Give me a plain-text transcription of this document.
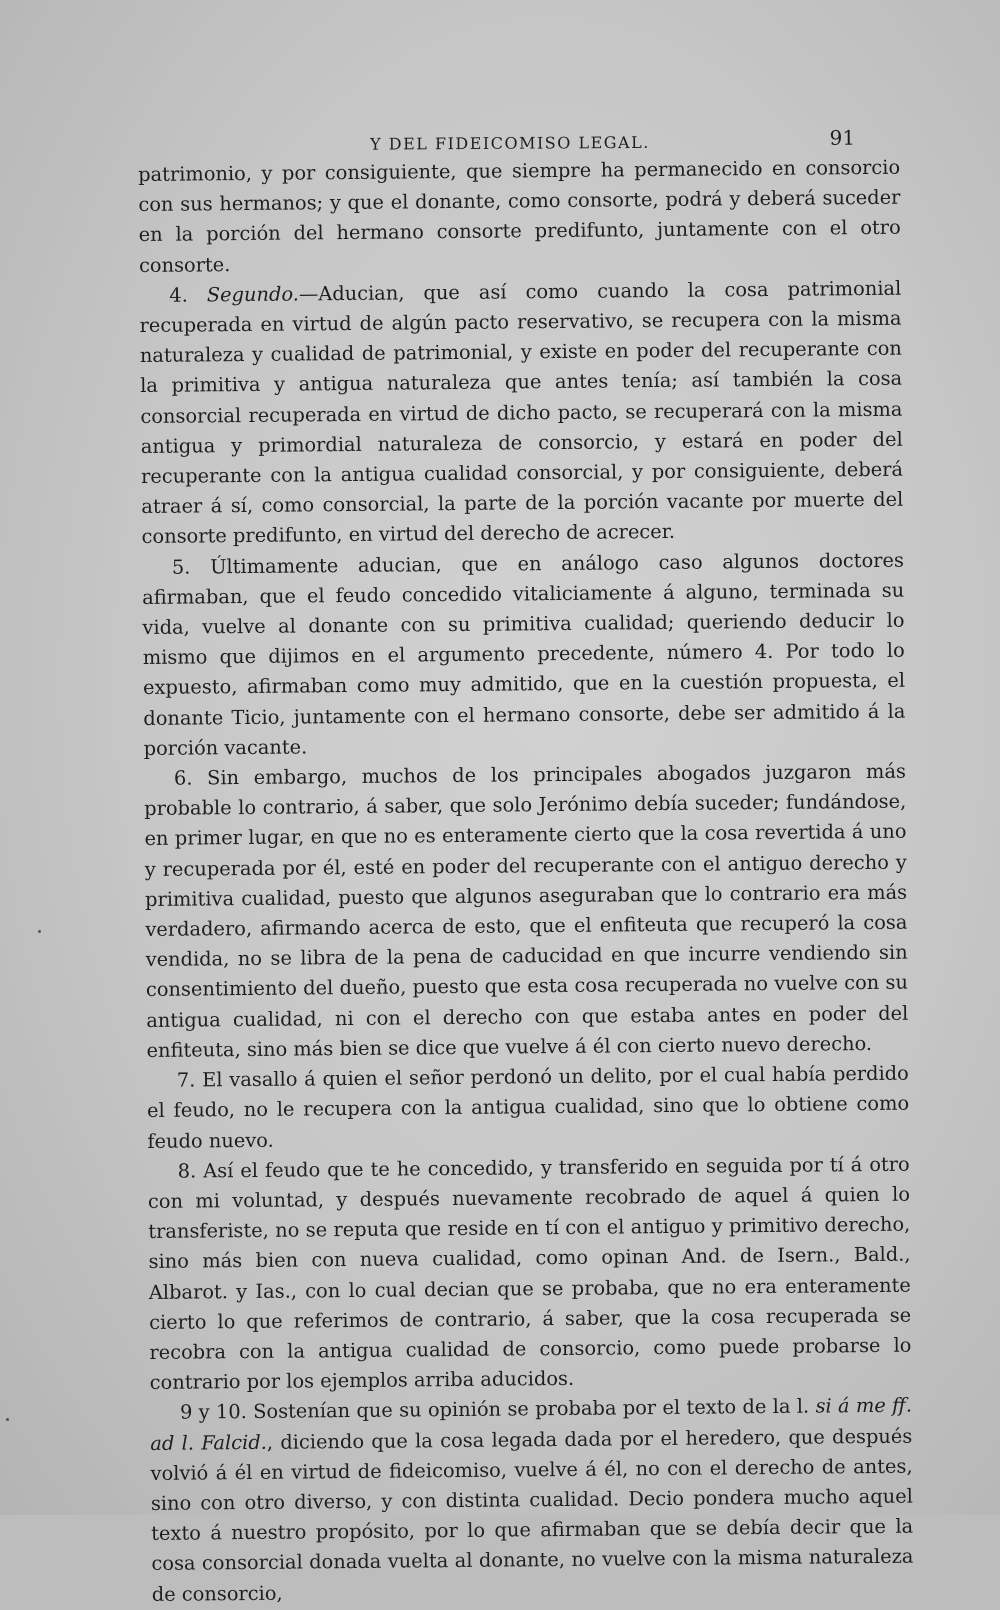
Y DEL FIDEICOMISO LEGAL.	91

patrimonio, y por consiguiente, que siempre ha permanecido en consorcio con sus hermanos; y que el donante, como consorte, podrá y deberá suceder en la porción del hermano consorte predifunto, juntamente con el otro consorte.

4. Segundo.—Aducian, que así como cuando la cosa patrimonial recuperada en virtud de algún pacto reservativo, se recupera con la misma naturaleza y cualidad de patrimonial, y existe en poder del recuperante con la primitiva y antigua naturaleza que antes tenía; así también la cosa consorcial recuperada en virtud de dicho pacto, se recuperará con la misma antigua y primordial naturaleza de consorcio, y estará en poder del recuperante con la antigua cualidad consorcial, y por consiguiente, deberá atraer á sí, como consorcial, la parte de la porción vacante por muerte del consorte predifunto, en virtud del derecho de acrecer.

5. Últimamente aducian, que en análogo caso algunos doctores afirmaban, que el feudo concedido vitaliciamente á alguno, terminada su vida, vuelve al donante con su primitiva cualidad; queriendo deducir lo mismo que dijimos en el argumento precedente, número 4. Por todo lo expuesto, afirmaban como muy admitido, que en la cuestión propuesta, el donante Ticio, juntamente con el hermano consorte, debe ser admitido á la porción vacante.

6. Sin embargo, muchos de los principales abogados juzgaron más probable lo contrario, á saber, que solo Jerónimo debía suceder; fundándose, en primer lugar, en que no es enteramente cierto que la cosa revertida á uno y recuperada por él, esté en poder del recuperante con el antiguo derecho y primitiva cualidad, puesto que algunos aseguraban que lo contrario era más verdadero, afirmando acerca de esto, que el enfiteuta que recuperó la cosa vendida, no se libra de la pena de caducidad en que incurre vendiendo sin consentimiento del dueño, puesto que esta cosa recuperada no vuelve con su antigua cualidad, ni con el derecho con que estaba antes en poder del enfiteuta, sino más bien se dice que vuelve á él con cierto nuevo derecho.

7. El vasallo á quien el señor perdonó un delito, por el cual había perdido el feudo, no le recupera con la antigua cualidad, sino que lo obtiene como feudo nuevo.

8. Así el feudo que te he concedido, y transferido en seguida por tí á otro con mi voluntad, y después nuevamente recobrado de aquel á quien lo transferiste, no se reputa que reside en tí con el antiguo y primitivo derecho, sino más bien con nueva cualidad, como opinan And. de Isern., Bald., Albarot. y Ias., con lo cual decian que se probaba, que no era enteramente cierto lo que referimos de contrario, á saber, que la cosa recuperada se recobra con la antigua cualidad de consorcio, como puede probarse lo contrario por los ejemplos arriba aducidos.

9 y 10. Sostenían que su opinión se probaba por el texto de la l. si á me ff. ad l. Falcid., diciendo que la cosa legada dada por el heredero, que después volvió á él en virtud de fideicomiso, vuelve á él, no con el derecho de antes, sino con otro diverso, y con distinta cualidad. Decio pondera mucho aquel texto á nuestro propósito, por lo que afirmaban que se debía decir que la cosa consorcial donada vuelta al donante, no vuelve con la misma naturaleza de consorcio,
